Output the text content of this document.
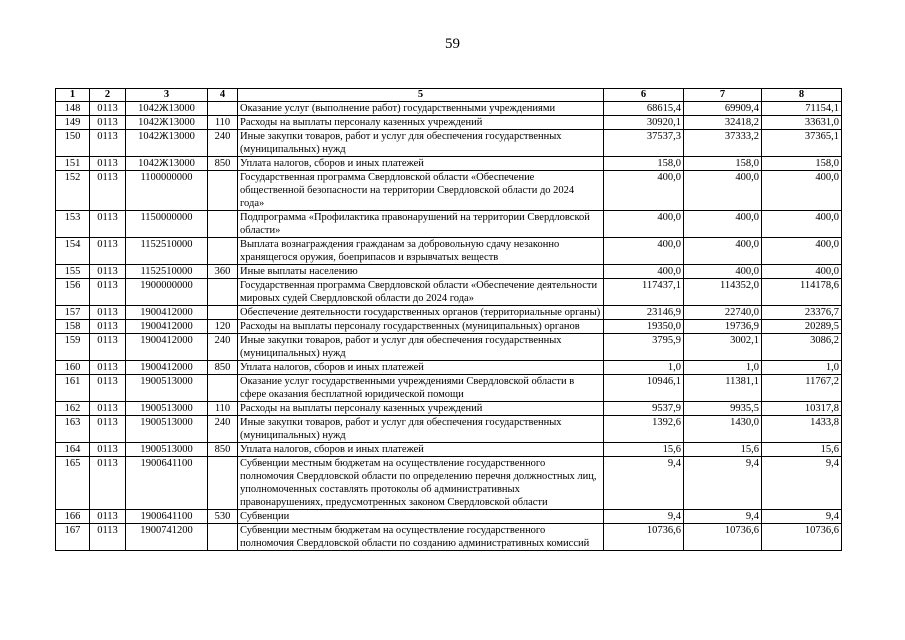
59
1	2	3	4	5	6	7	8
148	0113	1042Ж13000		Оказание услуг (выполнение работ) государственными учреждениями	68615,4	69909,4	71154,1
149	0113	1042Ж13000	110	Расходы на выплаты персоналу казенных учреждений	30920,1	32418,2	33631,0
150	0113	1042Ж13000	240	Иные закупки товаров, работ и услуг для обеспечения государственных (муниципальных) нужд	37537,3	37333,2	37365,1
151	0113	1042Ж13000	850	Уплата налогов, сборов и иных платежей	158,0	158,0	158,0
152	0113	1100000000		Государственная программа Свердловской области «Обеспечение общественной безопасности на территории Свердловской области до 2024 года»	400,0	400,0	400,0
153	0113	1150000000		Подпрограмма «Профилактика правонарушений на территории Свердловской области»	400,0	400,0	400,0
154	0113	1152510000		Выплата вознаграждения гражданам за добровольную сдачу незаконно хранящегося оружия, боеприпасов и взрывчатых веществ	400,0	400,0	400,0
155	0113	1152510000	360	Иные выплаты населению	400,0	400,0	400,0
156	0113	1900000000		Государственная программа Свердловской области «Обеспечение деятельности мировых судей Свердловской области до 2024 года»	117437,1	114352,0	114178,6
157	0113	1900412000		Обеспечение деятельности государственных органов (территориальные органы)	23146,9	22740,0	23376,7
158	0113	1900412000	120	Расходы на выплаты персоналу государственных (муниципальных) органов	19350,0	19736,9	20289,5
159	0113	1900412000	240	Иные закупки товаров, работ и услуг для обеспечения государственных (муниципальных) нужд	3795,9	3002,1	3086,2
160	0113	1900412000	850	Уплата налогов, сборов и иных платежей	1,0	1,0	1,0
161	0113	1900513000		Оказание услуг государственными учреждениями Свердловской области в сфере оказания бесплатной юридической помощи	10946,1	11381,1	11767,2
162	0113	1900513000	110	Расходы на выплаты персоналу казенных учреждений	9537,9	9935,5	10317,8
163	0113	1900513000	240	Иные закупки товаров, работ и услуг для обеспечения государственных (муниципальных) нужд	1392,6	1430,0	1433,8
164	0113	1900513000	850	Уплата налогов, сборов и иных платежей	15,6	15,6	15,6
165	0113	1900641100		Субвенции местным бюджетам на осуществление государственного полномочия Свердловской области по определению перечня должностных лиц, уполномоченных составлять протоколы об административных правонарушениях, предусмотренных законом Свердловской области	9,4	9,4	9,4
166	0113	1900641100	530	Субвенции	9,4	9,4	9,4
167	0113	1900741200		Субвенции местным бюджетам на осуществление государственного полномочия Свердловской области по созданию административных комиссий	10736,6	10736,6	10736,6
